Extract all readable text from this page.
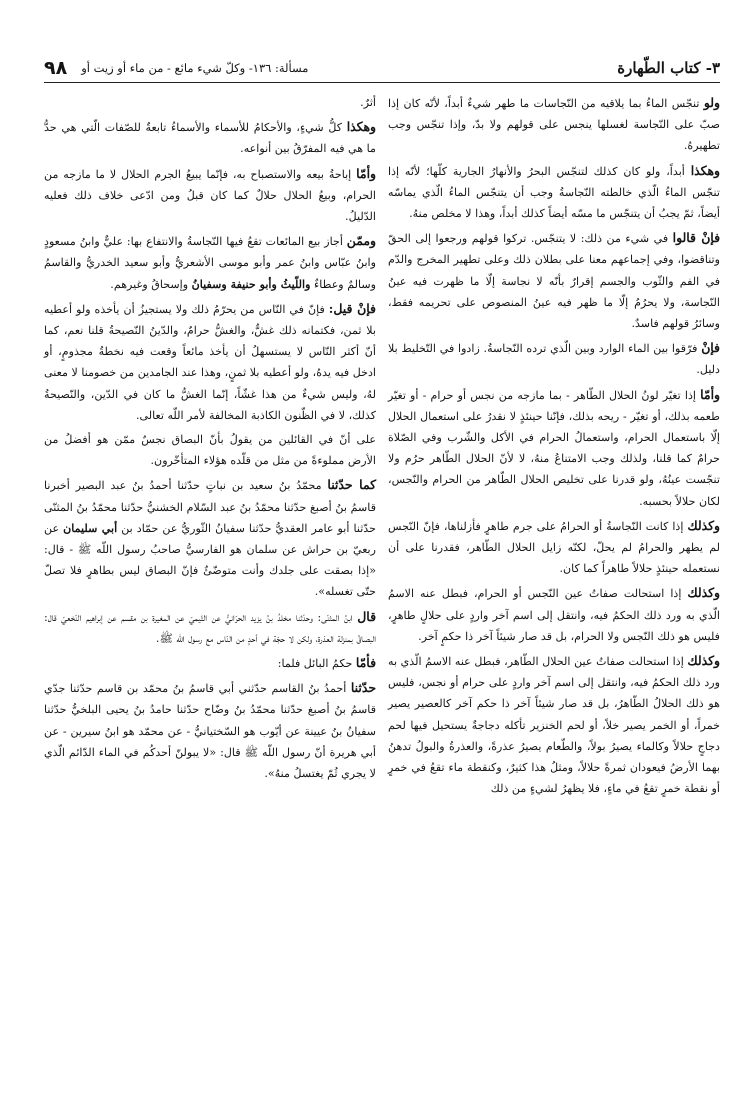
٣- كتاب الطّهارة
مسألة: ١٣٦- وكلّ شيء مائع - من ماء أو زيت أو
٩٨

ولو تنجّس الماءُ بما يلاقيه من النّجاسات ما طهر شيءٌ أبداً، لأنّه كان إذا صبّ على النّجاسة لغسلها ينجس على قولهم ولا بدّ، وإذا تنجّس وجب تطهيرهُ.

وهكذا أبداً، ولو كان كذلك لتنجّس البحرُ والأنهارُ الجارية كلّها؛ لأنّه إذا تنجّس الماءُ الّذي خالطته النّجاسةُ وجب أن يتنجّس الماءُ الّذي يماسّه أيضاً، ثمّ يجبُ أن يتنجّس ما مسّه أيضاً كذلك أبداً، وهذا لا مخلص منهُ.

فإنْ قالوا في شيء من ذلك: لا يتنجّس. تركوا قولهم ورجعوا إلى الحقّ وتناقضوا، وفي إجماعهم معنا على بطلان ذلك وعلى تطهير المخرج والدّم في الفم والثّوب والجسم إقرارٌ بأنّه لا نجاسة إلّا ما ظهرت فيه عينُ النّجاسة، ولا يحرُمُ إلّا ما ظهر فيه عينُ المنصوص على تحريمه فقط، وسائرُ قولهم فاسدٌ.

فإنْ فرّقوا بين الماء الوارد وبين الّذي ترده النّجاسةُ. زادوا في التّخليط بلا دليل.

وأمّا إذا تغيّر لونُ الحلال الطّاهر - بما مازجه من نجس أو حرام - أو تغيّر طعمه بذلك، أو تغيّر - ريحه بذلك، فإنّنا حينئذٍ لا نقدرُ على استعمال الحلال إلّا باستعمال الحرام، واستعمالُ الحرام في الأكل والشّرب وفي الصّلاة حرامٌ كما قلنا، ولذلك وجب الامتناعُ منهُ، لا لأنّ الحلال الطّاهر حرُم ولا تنجّست عينُهُ، ولو قدرنا على تخليص الحلال الطّاهر من الحرام والنّجس، لكان حلالاً بحسبه.

وكذلك إذا كانت النّجاسةُ أو الحرامُ على جرم طاهرٍ فأزلناها، فإنّ النّجس لم يطهر والحرامُ لم يحلّ، لكنّه زايل الحلال الطّاهر، فقدرنا على أن نستعمله حينئذٍ حلالاً طاهراً كما كان.

وكذلك إذا استحالت صفاتُ عين النّجس أو الحرام، فبطل عنه الاسمُ الّذي به ورد ذلك الحكمُ فيه، وانتقل إلى اسم آخر واردٍ على حلالٍ طاهرٍ، فليس هو ذلك النّجس ولا الحرام، بل قد صار شيئاً آخر ذا حكمٍ آخر.

وكذلك إذا استحالت صفاتُ عين الحلال الطّاهر، فبطل عنه الاسمُ الّذي به ورد ذلك الحكمُ فيه، وانتقل إلى اسم آخر واردٍ على حرام أو نجس، فليس هو ذلك الحلالُ الطّاهرُ، بل قد صار شيئاً آخر ذا حكم آخر كالعصير يصير خمراً، أو الخمر يصير خلاً، أو لحم الخنزير تأكله دجاجةٌ يستحيل فيها لحم دجاجٍ حلالاً وكالماء يصيرُ بولاً، والطّعام يصيرُ عذرةً، والعذرةُ والبولُ تدهنُ بهما الأرضُ فيعودان ثمرةً حلالاً، ومثلُ هذا كثيرٌ، وكنقطة ماء تقعُ في خمرٍ أو نقطة خمرٍ تقعُ في ماءٍ، فلا يظهرُ لشيءٍ من ذلك

أثرٌ.

وهكذا كلُّ شيءٍ، والأحكامُ للأسماء والأسماءُ تابعةٌ للصّفات الّتي هي حدُّ ما هي فيه المفرّقُ بين أنواعه.

وأمّا إباحةُ بيعه والاستصباح به، فإنّما يبيعُ الجرم الحلال لا ما مازجه من الحرام، وبيعُ الحلال حلالٌ كما كان قبلُ ومن ادّعى خلاف ذلك فعليه الدّليلُ.

وممّن أجاز بيع المائعات تقعُ فيها النّجاسةُ والانتفاع بها: عليٌّ وابنُ مسعودٍ وابنُ عبّاس وابنُ عمر وأبو موسى الأشعريُّ وأبو سعيد الخدريُّ والقاسمُ وسالمٌ وعطاءٌ واللّيثُ وأبو حنيفة وسفيانُ وإسحاقُ وغيرهم.

فإنْ قيل: فإنّ في النّاس من يحرّمُ ذلك ولا يستجيزُ أن يأخذه ولو أعطيه بلا ثمن، فكتمانه ذلك غشٌّ، والغشُّ حرامٌ، والدّينُ النّصيحةُ قلنا نعم، كما أنّ أكثر النّاس لا يستسهلُ أن يأخذ مائعاً وقعت فيه نخطةُ مجذومٍ، أو ادخل فيه يدهُ، ولو أعطيه بلا ثمنٍ، وهذا عند الجامدين من خصومنا لا معنى لهُ، وليس شيءٌ من هذا غشّاً، إنّما الغشُّ ما كان في الدّين، والنّصيحةُ كذلك، لا في الظّنون الكاذبة المخالفة لأمر اللّه تعالى.

على أنّ في القائلين من يقولُ بأنّ البصاق نجسٌ ممّن هو أفضلُ من الأرض مملوءةً من مثل من قلّده هؤلاء المتأخّرون.

كما حدّثنا محمّدُ بنُ سعيد بن نباتٍ حدّثنا أحمدُ بنُ عبد البصير أخبرنا قاسمُ بنُ أصبغ حدّثنا محمّدُ بنُ عبد السّلام الخشنيُّ حدّثنا محمّدُ بنُ المثنّى حدّثنا أبو عامر العقديُّ حدّثنا سفيانُ الثّوريُّ عن حمّاد بن أبي سليمان عن ربعيّ بن حراش عن سلمان هو الفارسيُّ صاحبُ رسول اللّه ﷺ - قال: «إذا بصقت على جلدك وأنت متوضّئٌ فإنّ البصاق ليس بطاهرٍ فلا تصلّ حتّى تغسله».

قال ابنُ المثنّى: وحدّثنا مخلدُ بنُ يزيد الحرّانيُّ عن التّيميّ عن المغيرة بن مقسم عن إبراهيم النّخعيّ قال: البصاقُ بمنزلة العذرة، ولكن لا حجّة في أحدٍ من النّاس مع رسول اللّه ﷺ.

فأمّا حكمُ البائل فلما:

حدّثنا أحمدُ بنُ القاسم حدّثني أبي قاسمُ بنُ محمّد بن قاسم حدّثنا جدّي قاسمُ بنُ أصبغ حدّثنا محمّدُ بنُ وضّاح حدّثنا حامدُ بنُ يحيى البلخيُّ حدّثنا سفيانُ بنُ عيينة عن أيّوب هو السّختيانيُّ - عن محمّد هو ابنُ سيرين - عن أبي هريرة أنّ رسول اللّه ﷺ قال: «لا يبولنّ أحدكُم في الماء الدّائم الّذي لا يجري ثُمّ يغتسلُ منهُ».
